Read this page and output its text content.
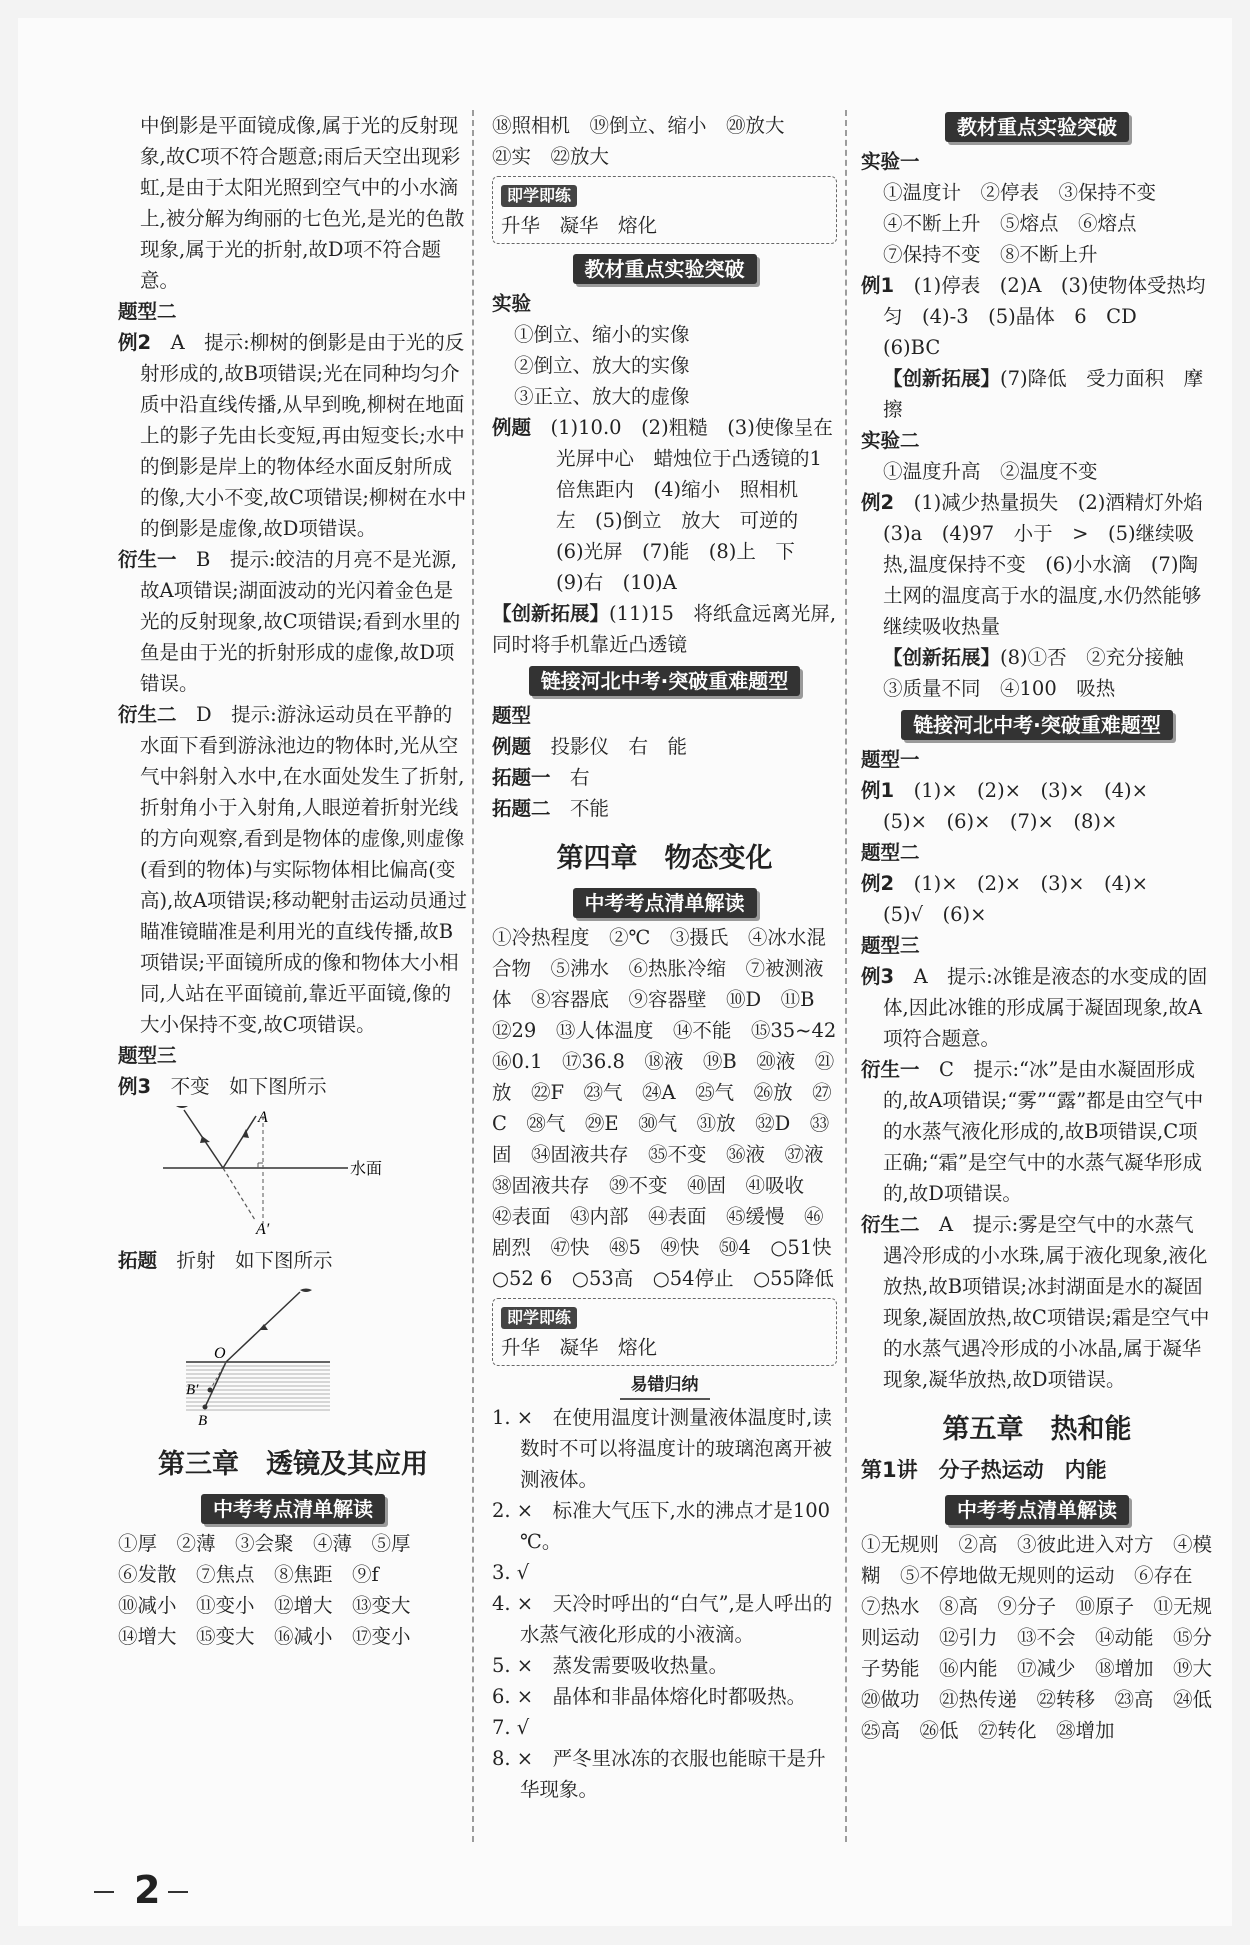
中倒影是平面镜成像,属于光的反射现象,故C项不符合题意;雨后天空出现彩虹,是由于太阳光照到空气中的小水滴上,被分解为绚丽的七色光,是光的色散现象,属于光的折射,故D项不符合题意。

题型二

例2　 A　提示:柳树的倒影是由于光的反射形成的,故B项错误;光在同种均匀介质中沿直线传播,从早到晚,柳树在地面上的影子先由长变短,再由短变长;水中的倒影是岸上的物体经水面反射所成的像,大小不变,故C项错误;柳树在水中的倒影是虚像,故D项错误。

衍生一　 B　提示:皎洁的月亮不是光源,故A项错误;湖面波动的光闪着金色是光的反射现象,故C项错误;看到水里的鱼是由于光的折射形成的虚像,故D项错误。

衍生二　 D　提示:游泳运动员在平静的水面下看到游泳池边的物体时,光从空气中斜射入水中,在水面处发生了折射,折射角小于入射角,人眼逆着折射光线的方向观察,看到是物体的虚像,则虚像(看到的物体)与实际物体相比偏高(变高),故A项错误;移动靶射击运动员通过瞄准镜瞄准是利用光的直线传播,故B项错误;平面镜所成的像和物体大小相同,人站在平面镜前,靠近平面镜,像的大小保持不变,故C项错误。

题型三

例3　 不变　如下图所示

A
A′
水面

拓题　 折射　如下图所示

O
B′
B
第三章　透镜及其应用
中考考点清单解读

①厚　②薄　③会聚　④薄　⑤厚

⑥发散　⑦焦点　⑧焦距　⑨f

⑩减小　⑪变小　⑫增大　⑬变大

⑭增大　⑮变大　⑯减小　⑰变小

⑱照相机　⑲倒立、缩小　⑳放大

㉑实　㉒放大

即学即练

升华　凝华　熔化

教材重点实验突破

实验

①倒立、缩小的实像

②倒立、放大的实像

③正立、放大的虚像

例题　 (1)10.0　(2)粗糙　(3)使像呈在光屏中心　蜡烛位于凸透镜的1倍焦距内　(4)缩小　照相机　左　(5)倒立　放大　可逆的　(6)光屏　(7)能　(8)上　下　(9)右　(10)A

【创新拓展】(11)15　将纸盒远离光屏,同时将手机靠近凸透镜

链接河北中考·突破重难题型

题型

例题　 投影仪　右　能

拓题一　 右

拓题二　 不能

第四章　物态变化
中考考点清单解读

①冷热程度　②℃　③摄氏　④冰水混合物　⑤沸水　⑥热胀冷缩　⑦被测液体　⑧容器底　⑨容器壁　⑩D　⑪B　⑫29　⑬人体温度　⑭不能　⑮35~42　⑯0.1　⑰36.8　⑱液　⑲B　⑳液　㉑放　㉒F　㉓气　㉔A　㉕气　㉖放　㉗C　㉘气　㉙E　㉚气　㉛放　㉜D　㉝固　㉞固液共存　㉟不变　㊱液　㊲液　㊳固液共存　㊴不变　㊵固　㊶吸收　㊷表面　㊸内部　㊹表面　㊺缓慢　㊻剧烈　㊼快　㊽5　㊾快　㊿4　○51快　○52 6　○53高　○54停止　○55降低

即学即练

升华　凝华　熔化

易错归纳

1. ×　在使用温度计测量液体温度时,读数时不可以将温度计的玻璃泡离开被测液体。

2. ×　标准大气压下,水的沸点才是100 ℃。

3. √

4. ×　天冷时呼出的“白气”,是人呼出的水蒸气液化形成的小液滴。

5. ×　蒸发需要吸收热量。

6. ×　晶体和非晶体熔化时都吸热。

7. √

8. ×　严冬里冰冻的衣服也能晾干是升华现象。

教材重点实验突破

实验一

①温度计　②停表　③保持不变

④不断上升　⑤熔点　⑥熔点

⑦保持不变　⑧不断上升

例1　 (1)停表　(2)A　(3)使物体受热均匀　(4)-3　(5)晶体　6　CD　(6)BC

【创新拓展】(7)降低　受力面积　摩擦

实验二

①温度升高　②温度不变

例2　 (1)减少热量损失　(2)酒精灯外焰　(3)a　(4)97　小于　>　(5)继续吸热,温度保持不变　(6)小水滴　(7)陶土网的温度高于水的温度,水仍然能够继续吸收热量

【创新拓展】(8)①否　②充分接触　③质量不同　④100　吸热

链接河北中考·突破重难题型

题型一

例1　 (1)×　(2)×　(3)×　(4)×

(5)×　(6)×　(7)×　(8)×

题型二

例2　 (1)×　(2)×　(3)×　(4)×

(5)√　(6)×

题型三

例3　 A　提示:冰锥是液态的水变成的固体,因此冰锥的形成属于凝固现象,故A项符合题意。

衍生一　 C　提示:“冰”是由水凝固形成的,故A项错误;“雾”“露”都是由空气中的水蒸气液化形成的,故B项错误,C项正确;“霜”是空气中的水蒸气凝华形成的,故D项错误。

衍生二　 A　提示:雾是空气中的水蒸气遇冷形成的小水珠,属于液化现象,液化放热,故B项错误;冰封湖面是水的凝固现象,凝固放热,故C项错误;霜是空气中的水蒸气遇冷形成的小冰晶,属于凝华现象,凝华放热,故D项错误。

第五章　热和能
第1讲　分子热运动　内能
中考考点清单解读

①无规则　②高　③彼此进入对方　④模糊　⑤不停地做无规则的运动　⑥存在　⑦热水　⑧高　⑨分子　⑩原子　⑪无规则运动　⑫引力　⑬不会　⑭动能　⑮分子势能　⑯内能　⑰减少　⑱增加　⑲大　⑳做功　㉑热传递　㉒转移　㉓高　㉔低　㉕高　㉖低　㉗转化　㉘增加

2
